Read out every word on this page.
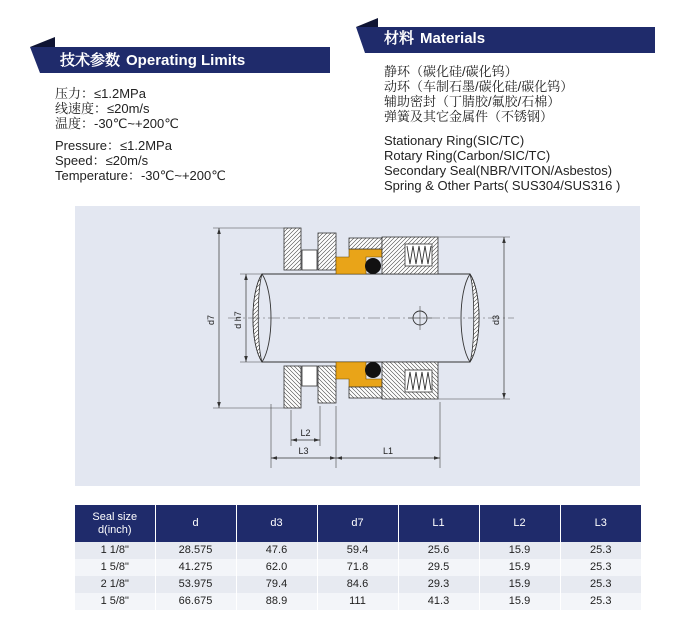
技术参数 Operating Limits
材料 Materials
压力：≤1.2MPa
线速度：≤20m/s
温度：-30℃~+200℃
Pressure：≤1.2MPa
Speed：≤20m/s
Temperature：-30℃~+200℃
静环（碳化硅/碳化钨）
动环（车制石墨/碳化硅/碳化钨）
辅助密封（丁腈胶/氟胶/石棉）
弹簧及其它金属件（不锈钢）
Stationary Ring(SIC/TC)
Rotary Ring(Carbon/SIC/TC)
Secondary Seal(NBR/VITON/Asbestos)
Spring & Other Parts( SUS304/SUS316 )
d7 d h7	d3
L2
L3	L1
Seal size
d(inch)	d	d3	d7	L1	L2	L3
1 1/8"	28.575	47.6	59.4	25.6	15.9	25.3
1 5/8"	41.275	62.0	71.8	29.5	15.9	25.3
2 1/8"	53.975	79.4	84.6	29.3	15.9	25.3
1 5/8"	66.675	88.9	111	41.3	15.9	25.3
